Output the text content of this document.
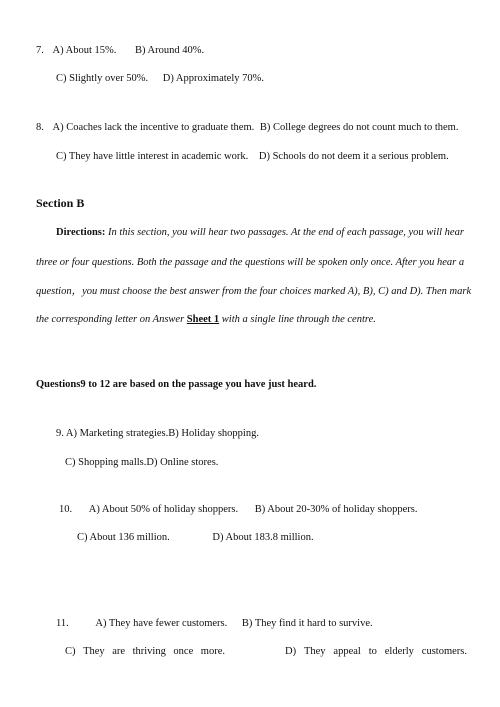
7. A) About 15%. B) Around 40%.
C) Slightly over 50%. D) Approximately 70%.
8. A) Coaches lack the incentive to graduate them. B) College degrees do not count much to them.
C) They have little interest in academic work. D) Schools do not deem it a serious problem.
Section B
Directions: In this section, you will hear two passages. At the end of each passage, you will hear
three or four questions. Both the passage and the questions will be spoken only once. After you hear a
question，you must choose the best answer from the four choices marked A), B), C) and D). Then mark
the corresponding letter on Answer Sheet 1 with a single line through the centre.
Questions9 to 12 are based on the passage you have just heard.
9. A) Marketing strategies.B) Holiday shopping.
C) Shopping malls.D) Online stores.
10. A) About 50% of holiday shoppers. B) About 20-30% of holiday shoppers.
C) About 136 million.	D) About 183.8 million.
11.	A) They have fewer customers. B) They find it hard to survive.
C) They are thriving once more.	D) They appeal to elderly customers.
